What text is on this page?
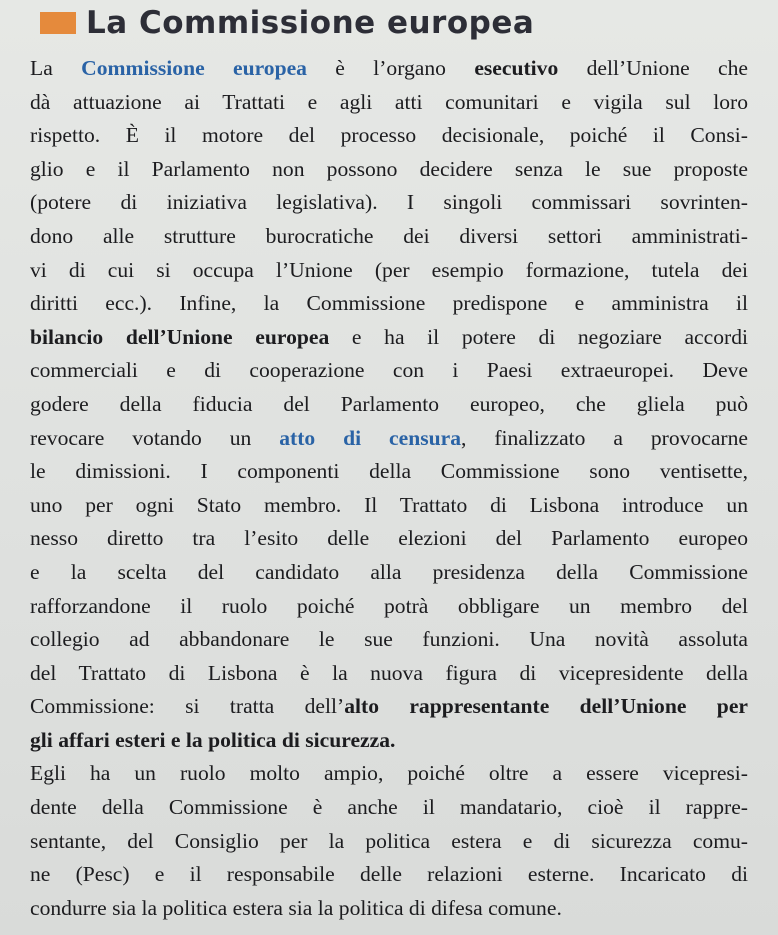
La Commissione europea
La Commissione europea è l’organo esecutivo dell’Unione che
dà attuazione ai Trattati e agli atti comunitari e vigila sul loro
rispetto. È il motore del processo decisionale, poiché il Consi-
glio e il Parlamento non possono decidere senza le sue proposte
(potere di iniziativa legislativa). I singoli commissari sovrinten-
dono alle strutture burocratiche dei diversi settori amministrati-
vi di cui si occupa l’Unione (per esempio formazione, tutela dei
diritti ecc.). Infine, la Commissione predispone e amministra il
bilancio dell’Unione europea e ha il potere di negoziare accordi
commerciali e di cooperazione con i Paesi extraeuropei. Deve
godere della fiducia del Parlamento europeo, che gliela può
revocare votando un atto di censura, finalizzato a provocarne
le dimissioni. I componenti della Commissione sono ventisette,
uno per ogni Stato membro. Il Trattato di Lisbona introduce un
nesso diretto tra l’esito delle elezioni del Parlamento europeo
e la scelta del candidato alla presidenza della Commissione
rafforzandone il ruolo poiché potrà obbligare un membro del
collegio ad abbandonare le sue funzioni. Una novità assoluta
del Trattato di Lisbona è la nuova figura di vicepresidente della
Commissione: si tratta dell’alto rappresentante dell’Unione per
gli affari esteri e la politica di sicurezza.
Egli ha un ruolo molto ampio, poiché oltre a essere vicepresi-
dente della Commissione è anche il mandatario, cioè il rappre-
sentante, del Consiglio per la politica estera e di sicurezza comu-
ne (Pesc) e il responsabile delle relazioni esterne. Incaricato di
condurre sia la politica estera sia la politica di difesa comune.
